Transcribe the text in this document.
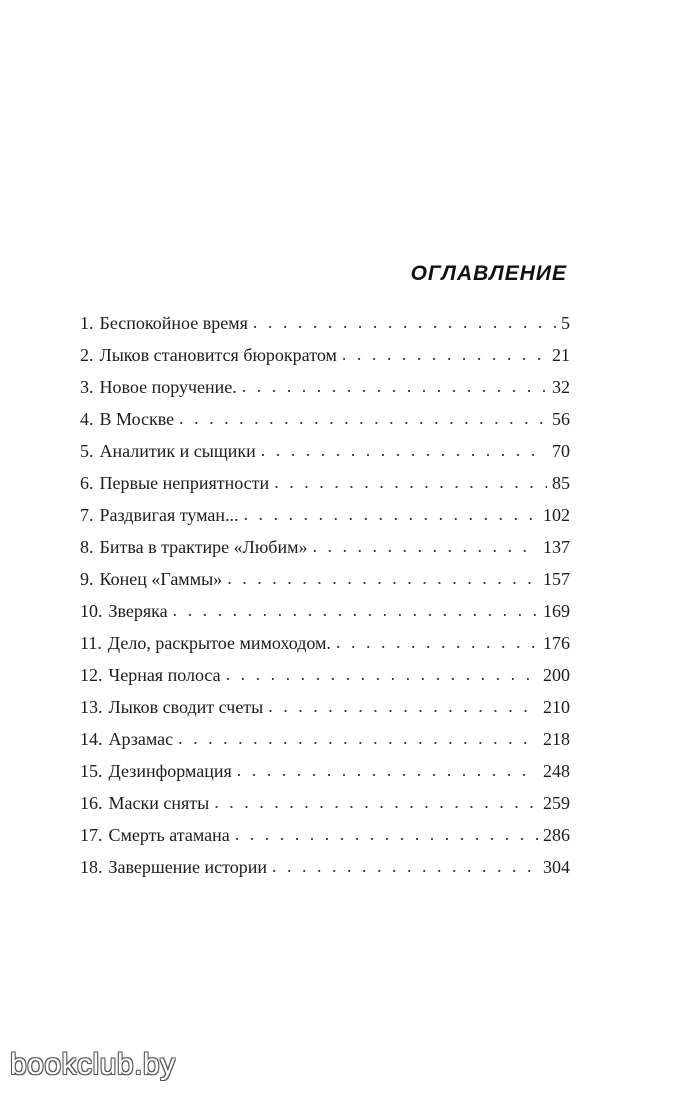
ОГЛАВЛЕНИЕ
1. Беспокойное время . . .	5
2. Лыков становится бюрократом . . .	21
3. Новое поручение. . . .	32
4. В Москве . . .	56
5. Аналитик и сыщики . . .	70
6. Первые неприятности . . .	85
7. Раздвигая туман... . . .	102
8. Битва в трактире «Любим» . . .	137
9. Конец «Гаммы» . . .	157
10. Зверяка . . .	169
11. Дело, раскрытое мимоходом. . . .	176
12. Черная полоса . . .	200
13. Лыков сводит счеты . . .	210
14. Арзамас . . .	218
15. Дезинформация . . .	248
16. Маски сняты . . .	259
17. Смерть атамана . . .	286
18. Завершение истории . . .	304
bookclub.by
